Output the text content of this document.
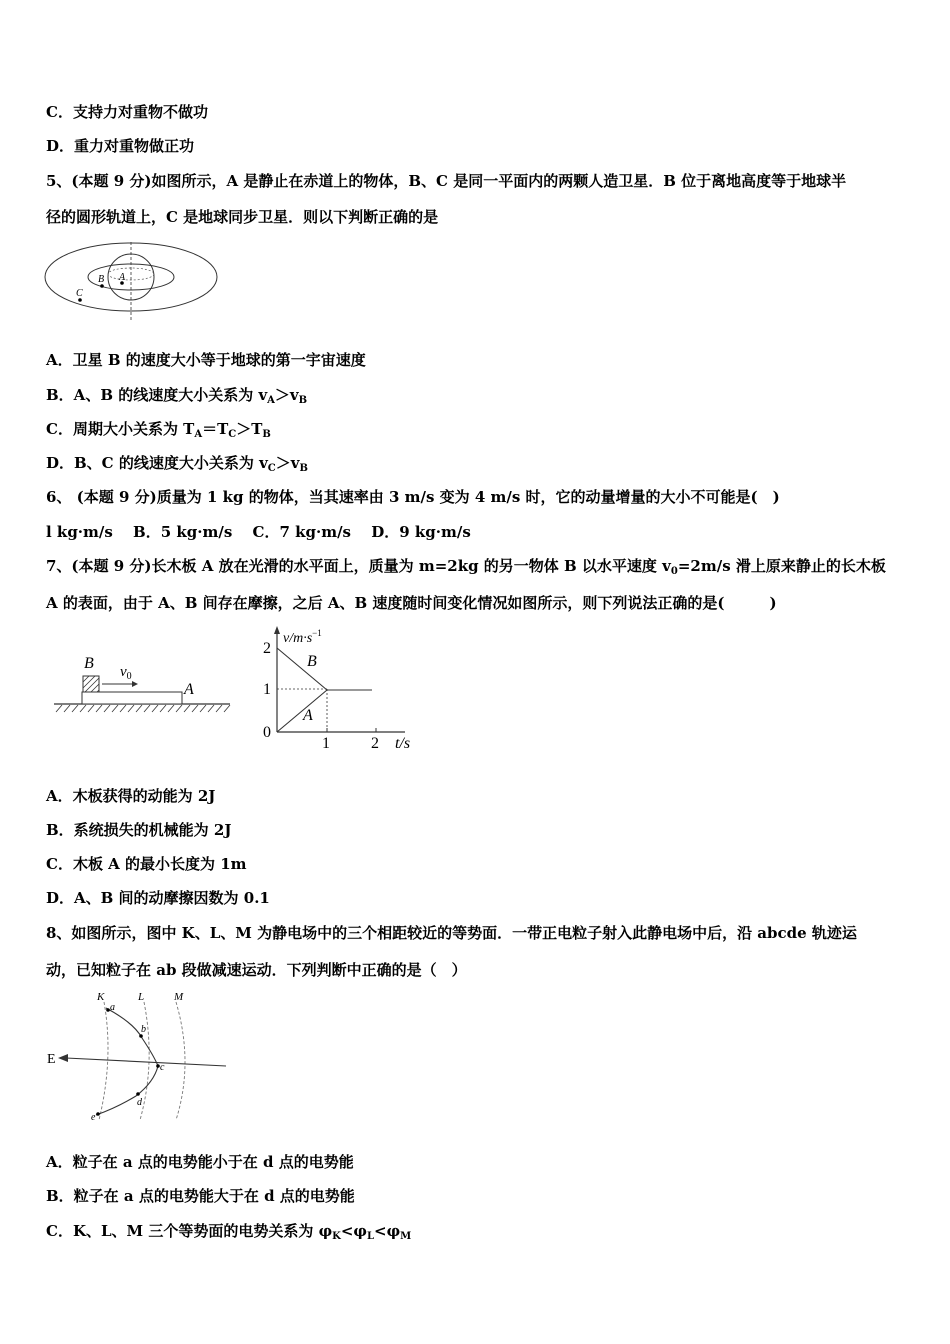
C．支持力对重物不做功
D．重力对重物做正功
5、(本题 9 分)如图所示，A 是静止在赤道上的物体，B、C 是同一平面内的两颗人造卫星．B 位于离地高度等于地球半
径的圆形轨道上，C 是地球同步卫星．则以下判断正确的是
A
B
C
A．卫星 B 的速度大小等于地球的第一宇宙速度
B．A、B 的线速度大小关系为 $v_A>v_B$
C．周期大小关系为 $T_A=T_C>T_B$
D．B、C 的线速度大小关系为 $v_C>v_B$
6、 (本题 9 分)质量为 1 kg 的物体，当其速率由 3 m/s 变为 4 m/s 时，它的动量增量的大小不可能是(　)
l kg·m/s　 B．5 kg·m/s　 C．7 kg·m/s　 D．9 kg·m/s
7、(本题 9 分)长木板 A 放在光滑的水平面上，质量为 m=2kg 的另一物体 B 以水平速度 $v_0=2m/s$ 滑上原来静止的长木板
A 的表面，由于 A、B 间存在摩擦，之后 A、B 速度随时间变化情况如图所示，则下列说法正确的是(　　　)
B $v_0$
A
$v/m\cdot s^{-1}$
t/s
2
1
0
1	2
B
A
A．木板获得的动能为 2J
B．系统损失的机械能为 2J
C．木板 A 的最小长度为 1m
D．A、B 间的动摩擦因数为 0.1
8、如图所示，图中 K、L、M 为静电场中的三个相距较近的等势面．一带正电粒子射入此静电场中后，沿 abcde 轨迹运
动，已知粒子在 ab 段做减速运动．下列判断中正确的是（　）
K	L	M
E
a
b
c
d
e
A．粒子在 a 点的电势能小于在 d 点的电势能
B．粒子在 a 点的电势能大于在 d 点的电势能
C．K、L、M 三个等势面的电势关系为 $\varphi_K<\varphi_L<\varphi_M$
